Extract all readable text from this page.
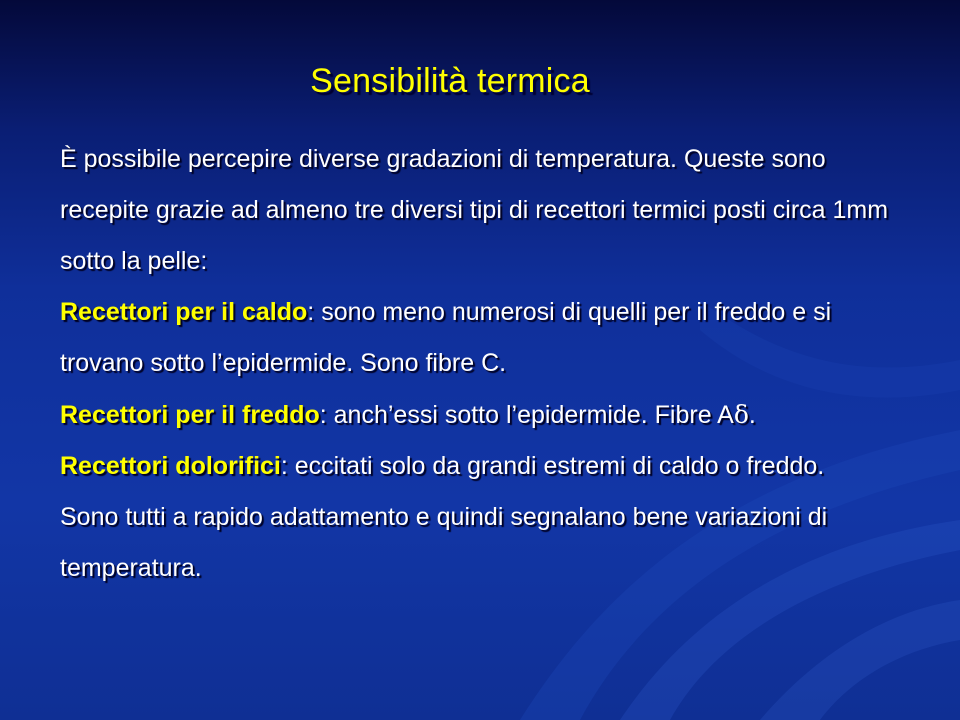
Sensibilità termica
È possibile percepire diverse gradazioni di temperatura. Queste sono recepite grazie ad almeno tre diversi tipi di recettori termici posti circa 1mm sotto la pelle:
Recettori per il caldo: sono meno numerosi di quelli per il freddo e si trovano sotto l’epidermide. Sono fibre C.
Recettori per il freddo: anch’essi sotto l’epidermide. Fibre Aδ.
Recettori dolorifici: eccitati solo da grandi estremi di caldo o freddo.
Sono tutti a rapido adattamento e quindi segnalano bene variazioni di temperatura.
